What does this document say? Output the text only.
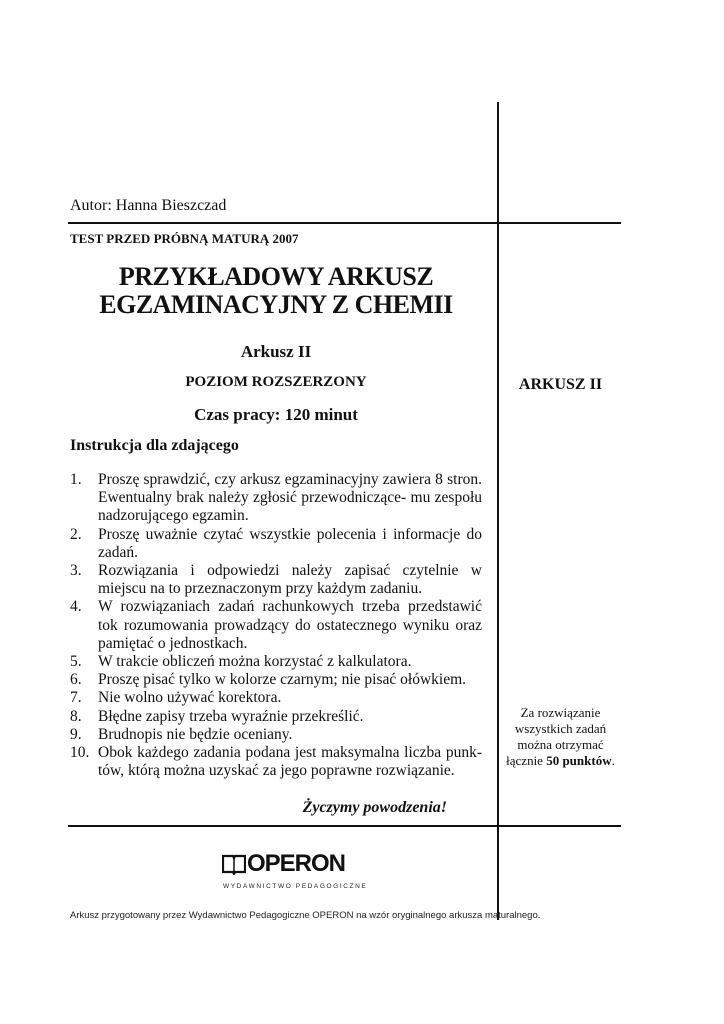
Autor: Hanna Bieszczad
TEST PRZED PRÓBNĄ MATURĄ 2007
PRZYKŁADOWY ARKUSZ
EGZAMINACYJNY Z CHEMII
Arkusz II
POZIOM ROZSZERZONY
Czas pracy: 120 minut
Instrukcja dla zdającego
1. Proszę sprawdzić, czy arkusz egzaminacyjny zawiera 8 stron. Ewentualny brak należy zgłosić przewodniczące- mu zespołu nadzorującego egzamin.
2. Proszę uważnie czytać wszystkie polecenia i informacje do zadań.
3. Rozwiązania i odpowiedzi należy zapisać czytelnie w miejscu na to przeznaczonym przy każdym zadaniu.
4. W rozwiązaniach zadań rachunkowych trzeba przedstawić tok rozumowania prowadzący do ostatecznego wyniku oraz pamiętać o jednostkach.
5. W trakcie obliczeń można korzystać z kalkulatora.
6. Proszę pisać tylko w kolorze czarnym; nie pisać ołówkiem.
7. Nie wolno używać korektora.
8. Błędne zapisy trzeba wyraźnie przekreślić.
9. Brudnopis nie będzie oceniany.
10. Obok każdego zadania podana jest maksymalna liczba punk- tów, którą można uzyskać za jego poprawne rozwiązanie.
Życzymy powodzenia!
ARKUSZ II
Za rozwiązanie wszystkich zadań można otrzymać łącznie 50 punktów.
OPERON
WYDAWNICTWO PEDAGOGICZNE
Arkusz przygotowany przez Wydawnictwo Pedagogiczne OPERON na wzór oryginalnego arkusza maturalnego.
